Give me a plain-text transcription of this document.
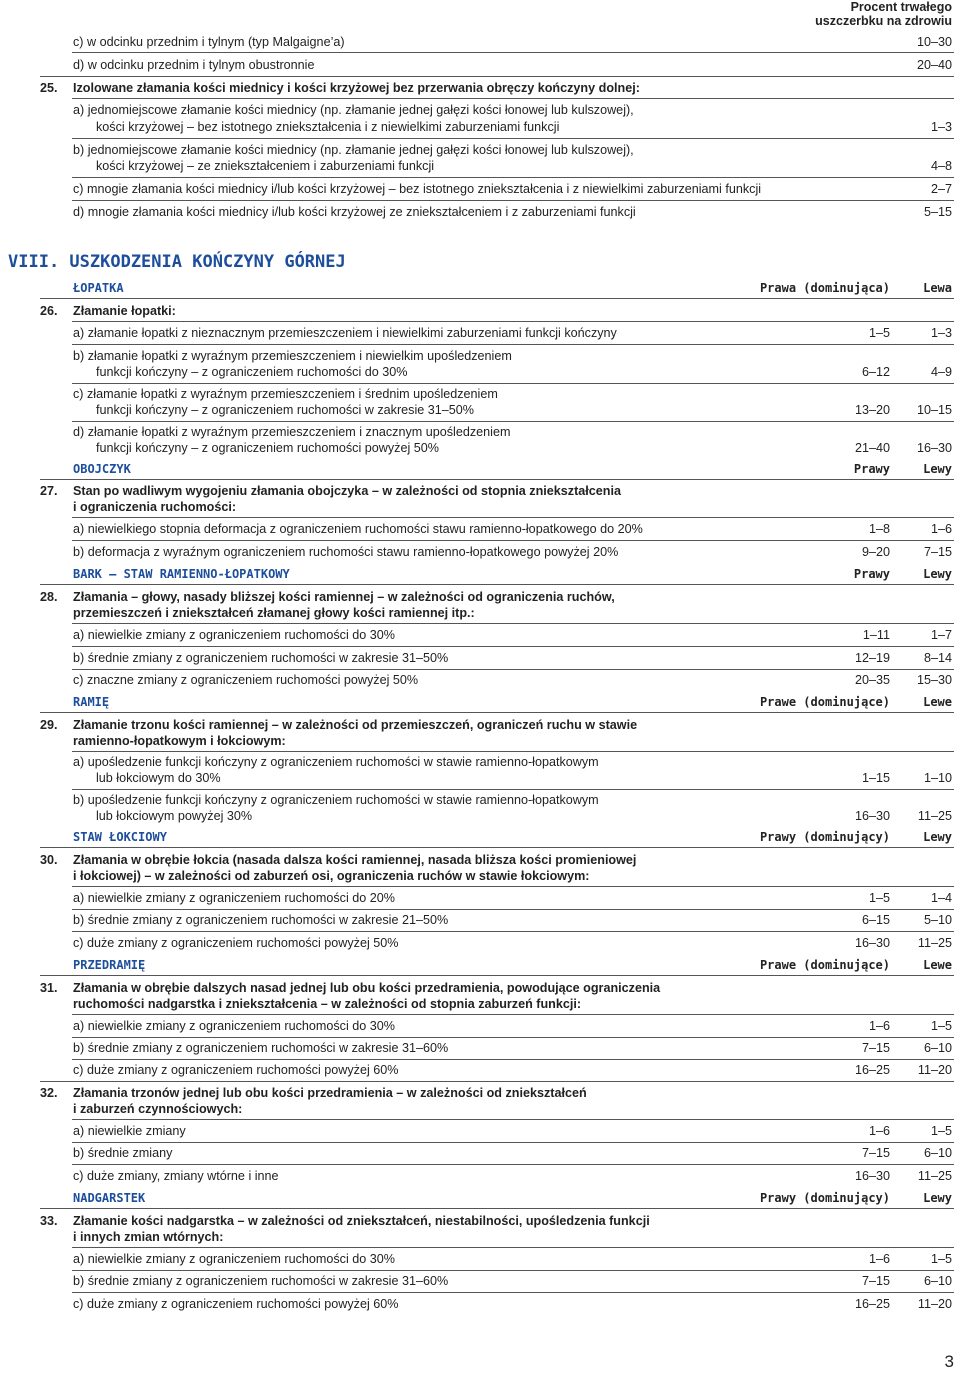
Procent trwałego
uszczerbku na zdrowiu
c) w odcinku przednim i tylnym (typ Malgaigne’a)	10–30
d) w odcinku przednim i tylnym obustronnie	20–40
25. Izolowane złamania kości miednicy i kości krzyżowej bez przerwania obręczy kończyny dolnej:
a) jednomiejscowe złamanie kości miednicy (np. złamanie jednej gałęzi kości łonowej lub kulszowej),
kości krzyżowej – bez istotnego zniekształcenia i z niewielkimi zaburzeniami funkcji	1–3
b) jednomiejscowe złamanie kości miednicy (np. złamanie jednej gałęzi kości łonowej lub kulszowej),
kości krzyżowej – ze zniekształceniem i zaburzeniami funkcji	4–8
c) mnogie złamania kości miednicy i/lub kości krzyżowej – bez istotnego zniekształcenia i z niewielkimi zaburzeniami funkcji	2–7
d) mnogie złamania kości miednicy i/lub kości krzyżowej ze zniekształceniem i z zaburzeniami funkcji	5–15
VIII. USZKODZENIA KOŃCZYNY GÓRNEJ
ŁOPATKA	Prawa (dominująca)	Lewa
26. Złamanie łopatki:
a) złamanie łopatki z nieznacznym przemieszczeniem i niewielkimi zaburzeniami funkcji kończyny	1–5	1–3
b) złamanie łopatki z wyraźnym przemieszczeniem i niewielkim upośledzeniem
funkcji kończyny – z ograniczeniem ruchomości do 30%	6–12	4–9
c) złamanie łopatki z wyraźnym przemieszczeniem i średnim upośledzeniem
funkcji kończyny – z ograniczeniem ruchomości w zakresie 31–50%	13–20 10–15
d) złamanie łopatki z wyraźnym przemieszczeniem i znacznym upośledzeniem
funkcji kończyny – z ograniczeniem ruchomości powyżej 50%	21–40 16–30
OBOJCZYK	Prawy	Lewy
27. Stan po wadliwym wygojeniu złamania obojczyka – w zależności od stopnia zniekształcenia
i ograniczenia ruchomości:
a) niewielkiego stopnia deformacja z ograniczeniem ruchomości stawu ramienno-łopatkowego do 20%	1–8	1–6
b) deformacja z wyraźnym ograniczeniem ruchomości stawu ramienno-łopatkowego powyżej 20%	9–20	7–15
BARK – STAW RAMIENNO-ŁOPATKOWY	Prawy	Lewy
28. Złamania – głowy, nasady bliższej kości ramiennej – w zależności od ograniczenia ruchów,
przemieszczeń i zniekształceń złamanej głowy kości ramiennej itp.:
a) niewielkie zmiany z ograniczeniem ruchomości do 30%	1–11	1–7
b) średnie zmiany z ograniczeniem ruchomości w zakresie 31–50%	12–19	8–14
c) znaczne zmiany z ograniczeniem ruchomości powyżej 50%	20–35 15–30
RAMIĘ	Prawe (dominujące)	Lewe
29. Złamanie trzonu kości ramiennej – w zależności od przemieszczeń, ograniczeń ruchu w stawie
ramienno-łopatkowym i łokciowym:
a) upośledzenie funkcji kończyny z ograniczeniem ruchomości w stawie ramienno-łopatkowym
lub łokciowym do 30%	1–15	1–10
b) upośledzenie funkcji kończyny z ograniczeniem ruchomości w stawie ramienno-łopatkowym
lub łokciowym powyżej 30%	16–30 11–25
STAW ŁOKCIOWY	Prawy (dominujący)	Lewy
30. Złamania w obrębie łokcia (nasada dalsza kości ramiennej, nasada bliższa kości promieniowej
i łokciowej) – w zależności od zaburzeń osi, ograniczenia ruchów w stawie łokciowym:
a) niewielkie zmiany z ograniczeniem ruchomości do 20%	1–5	1–4
b) średnie zmiany z ograniczeniem ruchomości w zakresie 21–50%	6–15	5–10
c) duże zmiany z ograniczeniem ruchomości powyżej 50%	16–30 11–25
PRZEDRAMIĘ	Prawe (dominujące)	Lewe
31. Złamania w obrębie dalszych nasad jednej lub obu kości przedramienia, powodujące ograniczenia
ruchomości nadgarstka i zniekształcenia – w zależności od stopnia zaburzeń funkcji:
a) niewielkie zmiany z ograniczeniem ruchomości do 30%	1–6	1–5
b) średnie zmiany z ograniczeniem ruchomości w zakresie 31–60%	7–15	6–10
c) duże zmiany z ograniczeniem ruchomości powyżej 60%	16–25 11–20
32. Złamania trzonów jednej lub obu kości przedramienia – w zależności od zniekształceń
i zaburzeń czynnościowych:
a) niewielkie zmiany	1–6	1–5
b) średnie zmiany	7–15	6–10
c) duże zmiany, zmiany wtórne i inne	16–30 11–25
NADGARSTEK	Prawy (dominujący)	Lewy
33. Złamanie kości nadgarstka – w zależności od zniekształceń, niestabilności, upośledzenia funkcji
i innych zmian wtórnych:
a) niewielkie zmiany z ograniczeniem ruchomości do 30%	1–6	1–5
b) średnie zmiany z ograniczeniem ruchomości w zakresie 31–60%	7–15	6–10
c) duże zmiany z ograniczeniem ruchomości powyżej 60%	16–25 11–20
3
